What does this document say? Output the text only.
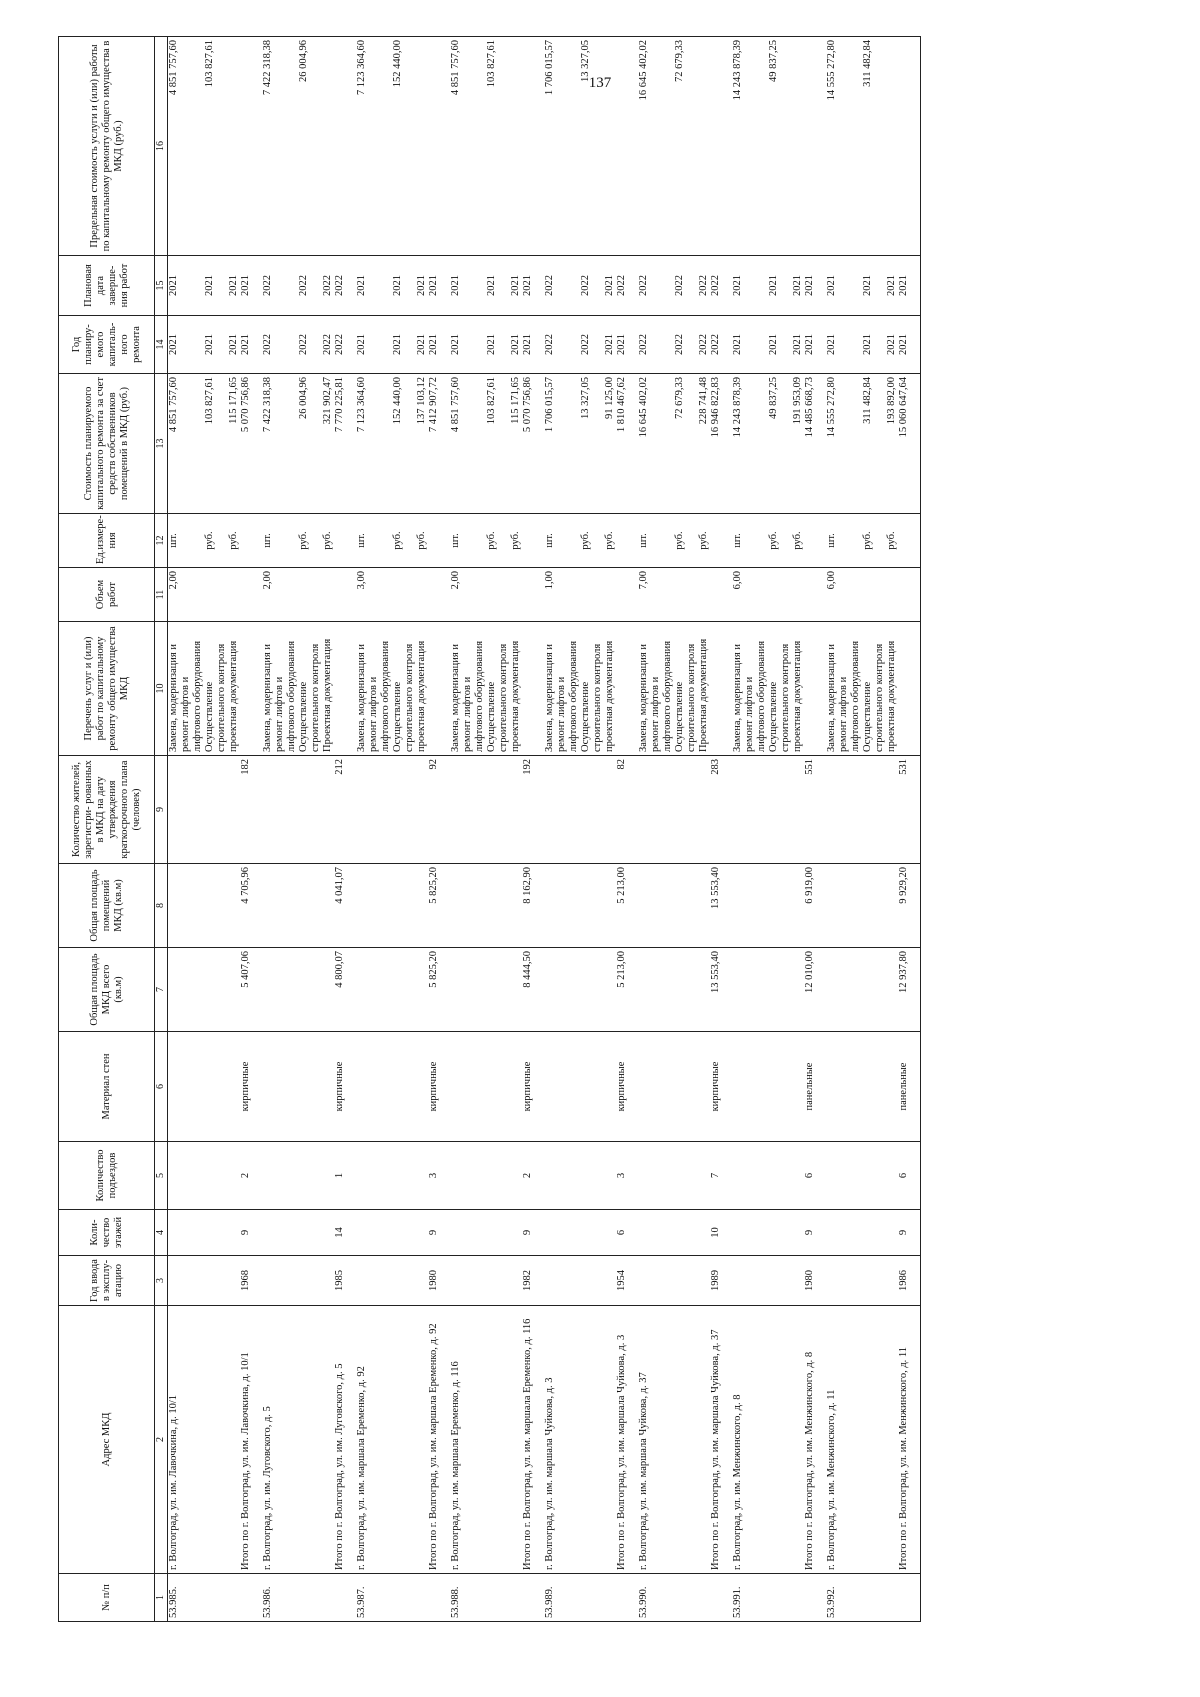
137
№ п/п	Адрес МКД	Год ввода в эксплу- атацию	Коли- чество этажей	Количество подъездов	Материал стен	Общая площадь МКД всего (кв.м)	Общая площадь помещений МКД (кв.м)	Количество жителей, зарегистри- рованных в МКД на дату утверждения краткосрочного плана (человек)	Перечень услуг и (или) работ по капитальному ремонту общего имущества МКД	Объем работ	Ед.измере- ния	Стоимость планируемого капитального ремонта за счет средств собственников помещений в МКД (руб.)	Год планиру- емого капиталь- ного ремонта	Плановая дата заверше- ния работ	Предельная стоимость услуги и (или) работы по капитальному ремонту общего имущества в МКД (руб.)
1	2	3	4	5	6	7	8	9	10	11	12	13	14	15	16
53.985.	г. Волгоград, ул. им. Лавочкина, д. 10/1								Замена, модернизация и	2,00	шт.	4 851 757,60	2021	2021	4 851 757,60
									ремонт лифтов и						
									лифтового оборудования						
									Осуществление		руб.	103 827,61	2021	2021	103 827,61
									строительного контроля						
									проектная документация		руб.	115 171,65	2021	2021	
	Итого по г. Волгоград, ул. им. Лавочкина, д. 10/1	1968	9	2	кирпичные	5 407,06	4 705,96	182				5 070 756,86	2021	2021	

53.986.	г. Волгоград, ул. им. Луговского, д. 5								Замена, модернизация и	2,00	шт.	7 422 318,38	2022	2022	7 422 318,38
									ремонт лифтов и						
									лифтового оборудования						
									Осуществление		руб.	26 004,96	2022	2022	26 004,96
									строительного контроля						
									Проектная документация		руб.	321 902,47	2022	2022	
	Итого по г. Волгоград, ул. им. Луговского, д. 5	1985	14	1	кирпичные	4 800,07	4 041,07	212				7 770 225,81	2022	2022	

53.987.	г. Волгоград, ул. им. маршала Еременко, д. 92								Замена, модернизация и	3,00	шт.	7 123 364,60	2021	2021	7 123 364,60
									ремонт лифтов и						
									лифтового оборудования						
									Осуществление		руб.	152 440,00	2021	2021	152 440,00
									строительного контроля						
									проектная документация		руб.	137 103,12	2021	2021	
	Итого по г. Волгоград, ул. им. маршала Еременко, д. 92	1980	9	3	кирпичные	5 825,20	5 825,20	92				7 412 907,72	2021	2021	

53.988.	г. Волгоград, ул. им. маршала Еременко, д. 116								Замена, модернизация и	2,00	шт.	4 851 757,60	2021	2021	4 851 757,60
									ремонт лифтов и						
									лифтового оборудования						
									Осуществление		руб.	103 827,61	2021	2021	103 827,61
									строительного контроля						
									проектная документация		руб.	115 171,65	2021	2021	
	Итого по г. Волгоград, ул. им. маршала Еременко, д. 116	1982	9	2	кирпичные	8 444,50	8 162,90	192				5 070 756,86	2021	2021	

53.989.	г. Волгоград, ул. им. маршала Чуйкова, д. 3								Замена, модернизация и	1,00	шт.	1 706 015,57	2022	2022	1 706 015,57
									ремонт лифтов и						
									лифтового оборудования						
									Осуществление		руб.	13 327,05	2022	2022	13 327,05
									строительного контроля						
									проектная документация		руб.	91 125,00	2021	2021	
	Итого по г. Волгоград, ул. им. маршала Чуйкова, д. 3	1954	6	3	кирпичные	5 213,00	5 213,00	82				1 810 467,62	2021	2022	

53.990.	г. Волгоград, ул. им. маршала Чуйкова, д. 37								Замена, модернизация и	7,00	шт.	16 645 402,02	2022	2022	16 645 402,02
									ремонт лифтов и						
									лифтового оборудования						
									Осуществление		руб.	72 679,33	2022	2022	72 679,33
									строительного контроля						
									Проектная документация		руб.	228 741,48	2022	2022	
	Итого по г. Волгоград, ул. им. маршала Чуйкова, д. 37	1989	10	7	кирпичные	13 553,40	13 553,40	283				16 946 822,83	2022	2022	

53.991.	г. Волгоград, ул. им. Менжинского, д. 8								Замена, модернизация и	6,00	шт.	14 243 878,39	2021	2021	14 243 878,39
									ремонт лифтов и						
									лифтового оборудования						
									Осуществление		руб.	49 837,25	2021	2021	49 837,25
									строительного контроля						
									проектная документация		руб.	191 953,09	2021	2021	
	Итого по г. Волгоград, ул. им. Менжинского, д. 8	1980	9	6	панельные	12 010,00	6 919,00	551				14 485 668,73	2021	2021	

53.992.	г. Волгоград, ул. им. Менжинского, д. 11								Замена, модернизация и	6,00	шт.	14 555 272,80	2021	2021	14 555 272,80
									ремонт лифтов и						
									лифтового оборудования						
									Осуществление		руб.	311 482,84	2021	2021	311 482,84
									строительного контроля						
									проектная документация		руб.	193 892,00	2021	2021	
	Итого по г. Волгоград, ул. им. Менжинского, д. 11	1986	9	6	панельные	12 937,80	9 929,20	531				15 060 647,64	2021	2021	
